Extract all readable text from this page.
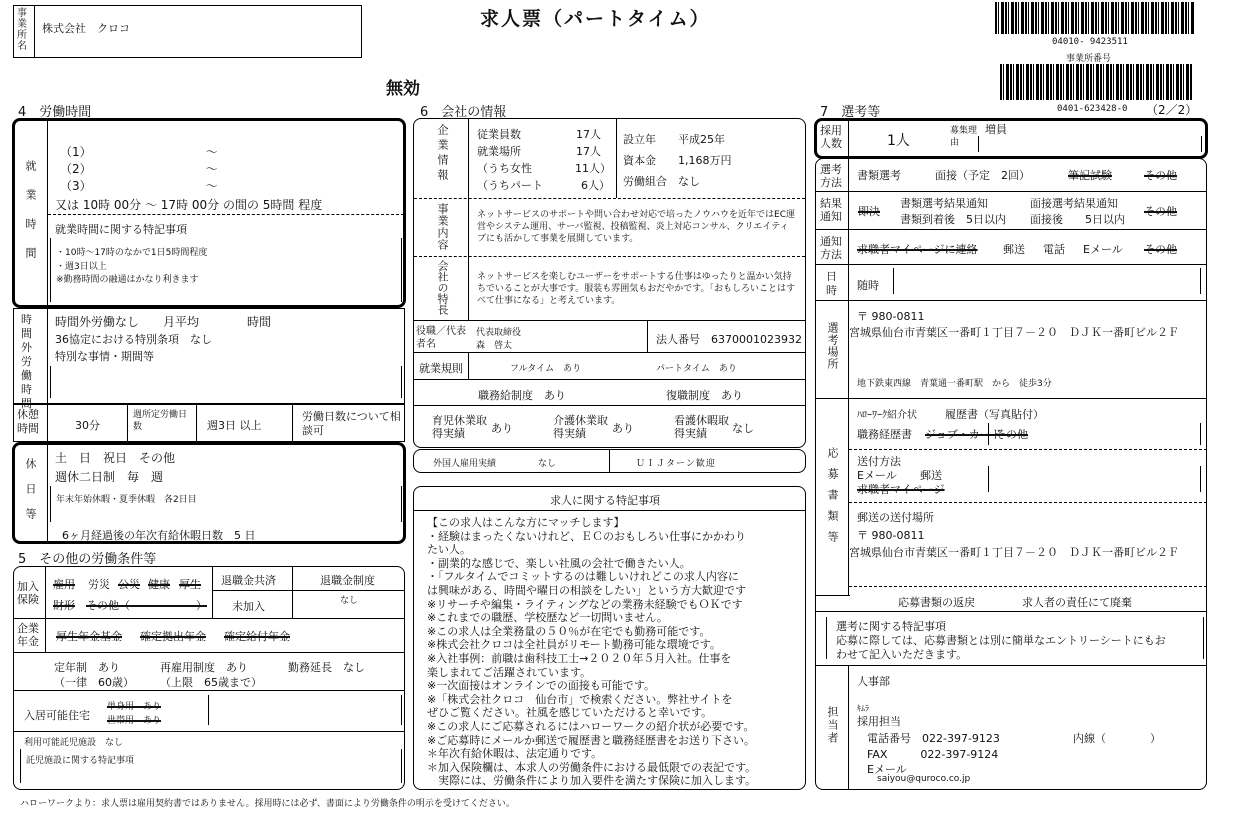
事業所名
株式会社　クロコ	求人票（パートタイム）
無効
04010- 9423511
事業所番号
0401-623428-0 （2／2）
4　労働時間
就業時間
（1）　　　　　　　　　　～
（2）　　　　　　　　　　～
（3）　　　　　　　　　　～
又は 10時 00分 ～ 17時 00分 の間の 5時間 程度
就業時間に関する特記事項
・10時～17時のなかで1日5時間程度
・週3日以上
※勤務時間の融通はかなり利きます
時間外労働時間
時間外労働なし　　月平均　　　　時間
36協定における特別条項　なし
特別な事情・期間等
休憩時間	30分
週所定労働日数	週3日 以上
労働日数について相談可
休日等 土　日　祝日　その他
週休二日制　毎　週
年末年始休暇・夏季休暇　各2日目
6ヶ月経過後の年次有給休暇日数　5 日
5　その他の労働条件等
加入保険
雇用 労災 公災 健康 厚生
財形 その他（　　　　　　）
退職金共済
未加入
退職金制度
なし
企業年金	厚生年金基金 確定拠出年金 確定給付年金
定年制　あり
（一律　60歳）
再雇用制度　あり
（上限　65歳まで）
勤務延長　なし
入居可能住宅
単身用　あり
世帯用　あり
利用可能託児施設　なし
託児施設に関する特記事項
6　会社の情報
企業情報	従業員数	17人
就業場所	17人
（うち女性	11人）
（うちパート	6人）
設立年　　平成25年
資本金　　1,168万円
労働組合　なし
事業内容	ネットサービスのサポートや問い合わせ対応で培ったノウハウを近年ではEC運営やシステム運用、サーバ監視、投稿監視、炎上対応コンサル、クリエイティブにも活かして事業を展開しています。
会社の特長	ネットサービスを楽しむユーザーをサポートする仕事はゆったりと温かい気持ちでいることが大事です。服装も雰囲気もおだやかです。「おもしろいことはすべて仕事になる」と考えています。
役職／代表者名
代表取締役
森　啓太	法人番号　6370001023932
就業規則	フルタイム　あり	パートタイム　あり
職務給制度　あり	復職制度　あり
育児休業取得実績	あり
介護休業取得実績	あり
看護休暇取得実績	なし
外国人雇用実績	なし	ＵＩＪターン歓迎
求人に関する特記事項
【この求人はこんな方にマッチします】
・経験はまったくないけれど、ＥＣのおもしろい仕事にかかわり
たい人。
・副業的な感じで、楽しい社風の会社で働きたい人。
・「フルタイムでコミットするのは難しいけれどこの求人内容に
は興味がある、時間や曜日の相談をしたい」という方大歓迎です
※リサーチや編集・ライティングなどの業務未経験でもＯＫです
※これまでの職歴、学校歴など一切問いません。
※この求人は全業務量の５０％が在宅でも勤務可能です。
※株式会社クロコは全社員がリモート勤務可能な環境です。
※入社事例：前職は歯科技工士→２０２０年５月入社。仕事を
楽しまれてご活躍されています。
※一次面接はオンラインでの面接も可能です。
※「株式会社クロコ　仙台市」で検索ください。弊社サイトを
ぜひご覧ください。社風を感じていただけると幸いです。
※この求人にご応募されるにはハローワークの紹介状が必要です。
※ご応募時にメールか郵送で履歴書と職務経歴書をお送り下さい。
＊年次有給休暇は、法定通りです。
＊加入保険欄は、本求人の労働条件における最低限での表記です。
　実際には、労働条件により加入要件を満たす保険に加入します。
7　選考等
採用人数	1人
募集理由
増員
選考方法
書類選考	面接（予定　2回）	筆記試験	その他
結果通知	即決
書類選考結果通知
書類到着後　5日以内
面接選考結果通知
面接後　　5日以内
その他
通知方法	求職者マイページに連絡 郵送 電話 Eメール その他
日時 随時
選考場所
〒 980-0811
宮城県仙台市青葉区一番町１丁目７－２０　ＤＪＫ一番町ビル２Ｆ
地下鉄東西線　青葉通一番町駅　から　徒歩3分
応募書類等
ﾊﾛｰﾜｰｸ紹介状	履歴書（写真貼付）
職務経歴書 ジョブ・カード
その他
送付方法
Eメール 郵送
求職者マイページ
郵送の送付場所
〒 980-0811
宮城県仙台市青葉区一番町１丁目７－２０　ＤＪＫ一番町ビル２Ｆ
応募書類の返戻	求人者の責任にて廃棄
選考に関する特記事項
応募に際しては、応募書類とは別に簡単なエントリーシートにもお
わせて記入いただきます。
担当者
人事部
ｷﾑﾗ
採用担当
電話番号　022-397-9123	内線（　　　　）
FAX　　　022-397-9124
Eメール
saiyou@quroco.co.jp
ハローワークより：求人票は雇用契約書ではありません。採用時には必ず、書面により労働条件の明示を受けてください。
